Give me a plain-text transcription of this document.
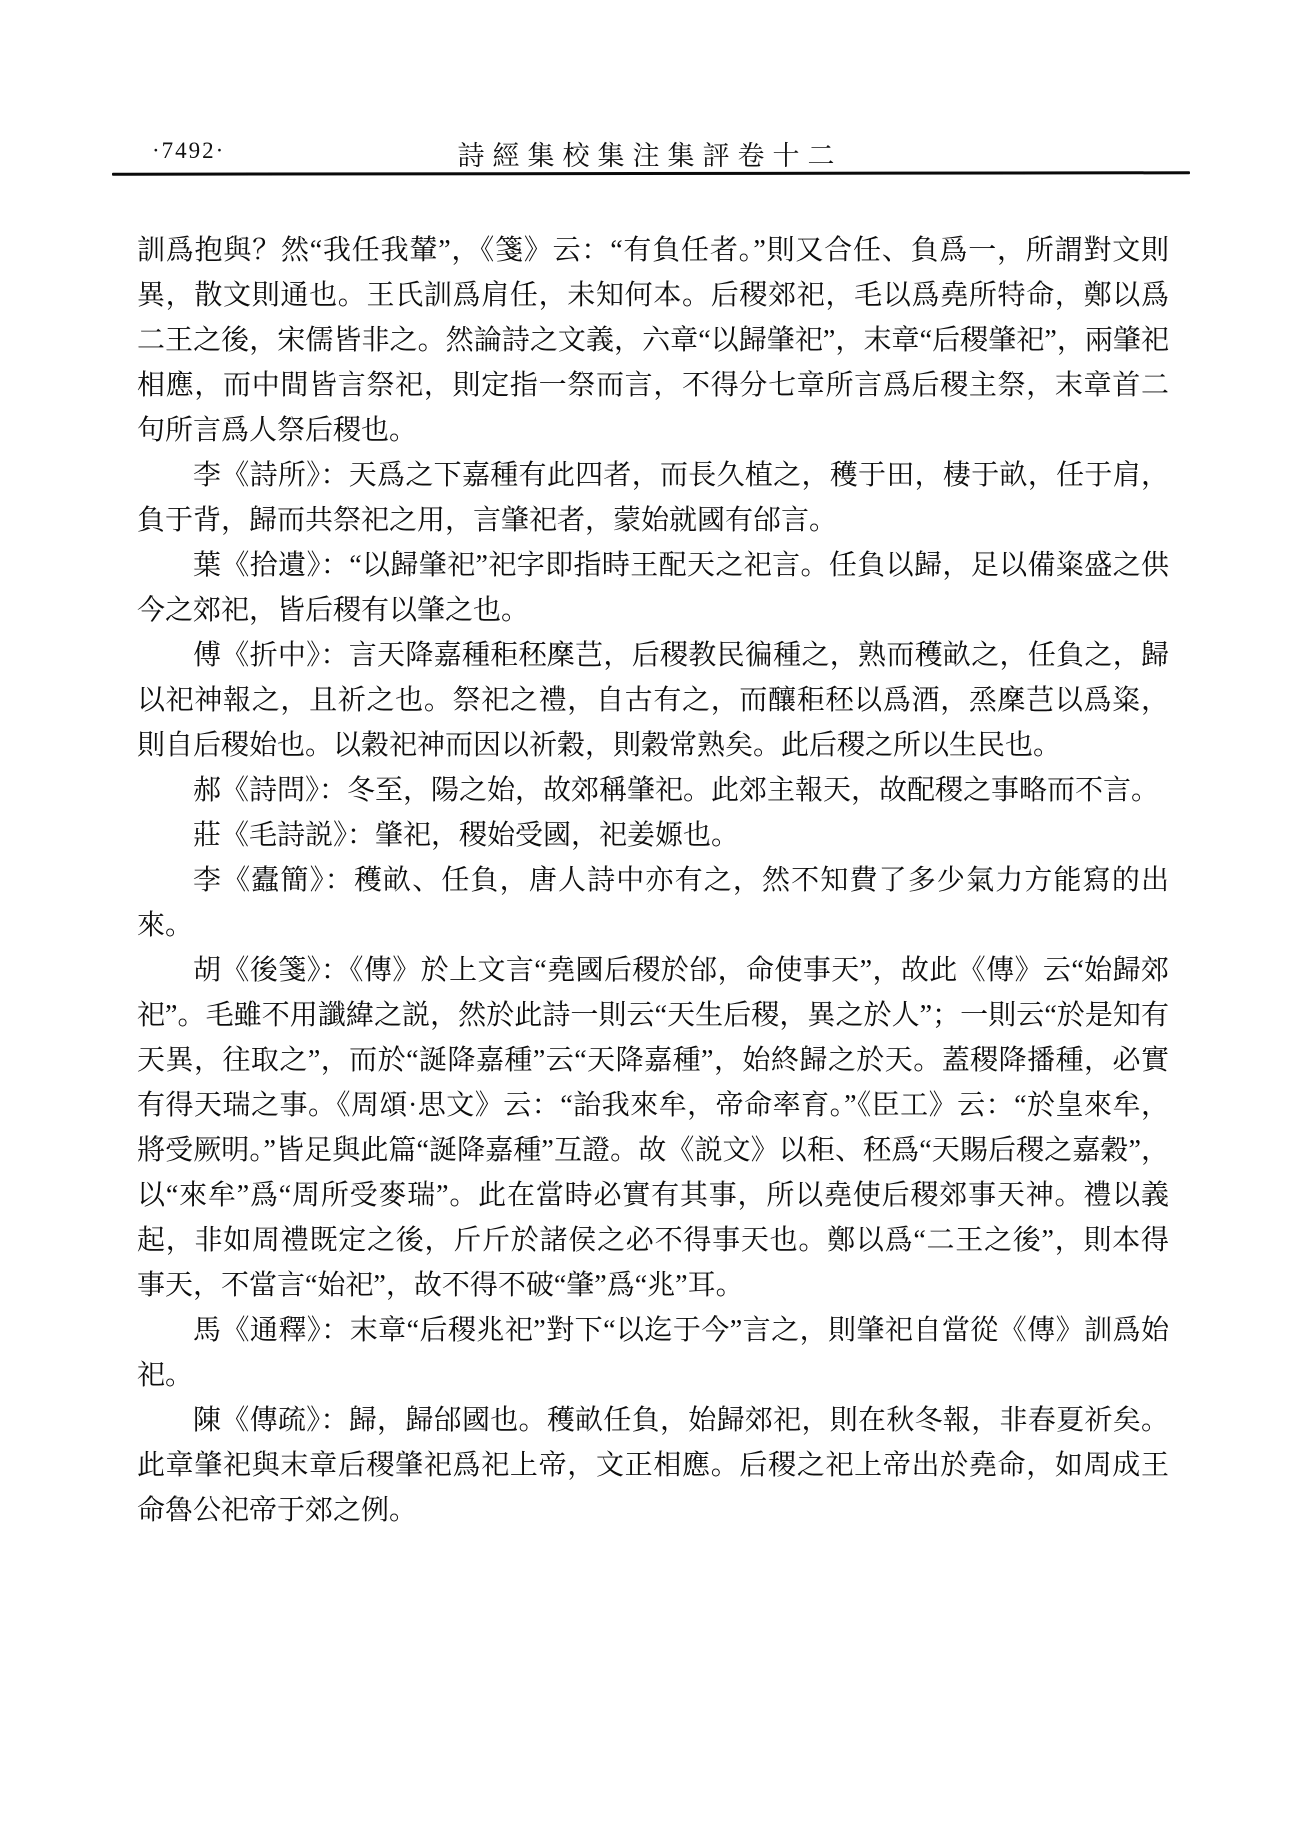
·7492·	詩經集校集注集評卷十二

訓爲抱與？然“我任我輦”，《箋》云：“有負任者。”則又合任、負爲一，所謂對文則異，散文則通也。王氏訓爲肩任，未知何本。后稷郊祀，毛以爲堯所特命，鄭以爲二王之後，宋儒皆非之。然論詩之文義，六章“以歸肇祀”，末章“后稷肇祀”，兩肇祀相應，而中間皆言祭祀，則定指一祭而言，不得分七章所言爲后稷主祭，末章首二句所言爲人祭后稷也。

李《詩所》：天爲之下嘉種有此四者，而長久植之，穫于田，棲于畝，任于肩，負于背，歸而共祭祀之用，言肇祀者，蒙始就國有邰言。

葉《拾遺》：“以歸肇祀”祀字即指時王配天之祀言。任負以歸，足以備粢盛之供今之郊祀，皆后稷有以肇之也。

傅《折中》：言天降嘉種秬秠穈芑，后稷教民徧種之，熟而穫畝之，任負之，歸以祀神報之，且祈之也。祭祀之禮，自古有之，而釀秬秠以爲酒，烝穈芑以爲粢，則自后稷始也。以穀祀神而因以祈穀，則穀常熟矣。此后稷之所以生民也。

郝《詩問》：冬至，陽之始，故郊稱肇祀。此郊主報天，故配稷之事略而不言。

莊《毛詩説》：肇祀，稷始受國，祀姜嫄也。

李《蠹簡》：穫畝、任負，唐人詩中亦有之，然不知費了多少氣力方能寫的出來。

胡《後箋》：《傳》於上文言“堯國后稷於邰，命使事天”，故此《傳》云“始歸郊祀”。毛雖不用讖緯之説，然於此詩一則云“天生后稷，異之於人”；一則云“於是知有天異，往取之”，而於“誕降嘉種”云“天降嘉種”，始終歸之於天。蓋稷降播種，必實有得天瑞之事。《周頌·思文》云：“詒我來牟，帝命率育。”《臣工》云：“於皇來牟，將受厥明。”皆足與此篇“誕降嘉種”互證。故《説文》以秬、秠爲“天賜后稷之嘉穀”，以“來牟”爲“周所受麥瑞”。此在當時必實有其事，所以堯使后稷郊事天神。禮以義起，非如周禮既定之後，斤斤於諸侯之必不得事天也。鄭以爲“二王之後”，則本得事天，不當言“始祀”，故不得不破“肇”爲“兆”耳。

馬《通釋》：末章“后稷兆祀”對下“以迄于今”言之，則肇祀自當從《傳》訓爲始祀。

陳《傳疏》：歸，歸邰國也。穫畝任負，始歸郊祀，則在秋冬報，非春夏祈矣。此章肇祀與末章后稷肇祀爲祀上帝，文正相應。后稷之祀上帝出於堯命，如周成王命魯公祀帝于郊之例。
